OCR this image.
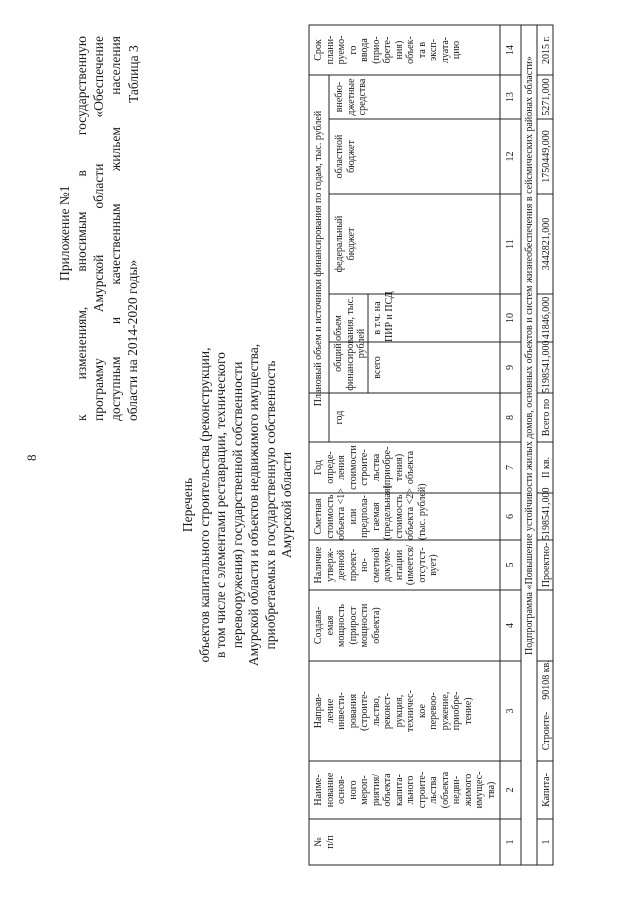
8
Приложение №1 к изменениям, вносимым в государственную программу Амурской области «Обеспечение доступным и качественным жильем населения области на 2014-2020 годы»
Таблица 3
Перечень объектов капитального строительства (реконструкции, в том числе с элементами реставрации, технического перевооружения) государственной собственности Амурской области и объектов недвижимого имущества, приобретаемых в государственную собственность Амурской области
№ п/п
Наиме- нование основ- ного мероп- риятия/ объекта капита- льного строите- льства (объекта недви- жимого имущес- тва)
Направ- ление инвести- рования (строите- льство, реконст- рукция, техничес- кое перевоо- ружение, приобре- тение)
Создава- емая мощность (прирост мощности объекта)
Наличие утверж- денной проект- но- сметной докуме- нтации (имеется/ отсутст- вует)
Сметная стоимость объекта <1> или предпола- гаемая (предельная) стоимость объекта <2> (тыс. рублей)
Год опреде- ления стоимости строите- льства (приобре- тения) объекта
Плановый объем и источники финансирования по годам, тыс. рублей
год
общий объем финансирования, тыс. рублей
всего
в т.ч. на ПИР и ПСД
федеральный бюджет
областной бюджет
внебю- джетные средства
Срок плани- руемо- го ввода (прио- брете- ния) объек- та в эксп- луата- цию
1
2
3
4
5
6
7
8
9
10
11
12
13
14
Подпрограмма «Повышение устойчивости жилых домов, основных объектов и систем жизнеобеспечения в сейсмических районах области»
1
Капита-
Строите-
90108 кв.
Проектно-
5198541,000
II кв.
Всего по
5198541,000
41846,000
3442821,000
1750449,000
5271,000
2015 г.
